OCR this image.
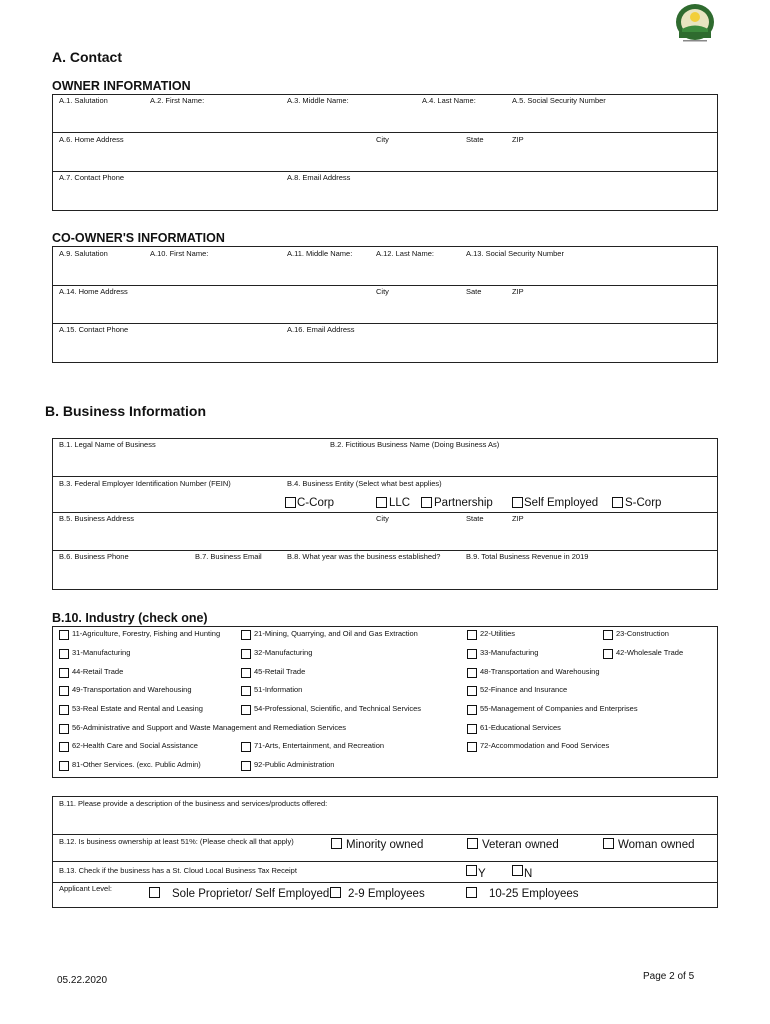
A. Contact
OWNER INFORMATION
A.1. Salutation	A.2. First Name:	A.3. Middle Name:	A.4. Last Name:	A.5. Social Security Number
A.6. Home Address	City	State	ZIP
A.7. Contact Phone	A.8. Email Address
CO-OWNER'S INFORMATION
A.9. Salutation	A.10. First Name:	A.11. Middle Name:	A.12. Last Name:	A.13. Social Security Number
A.14. Home Address	City	Sate	ZIP
A.15. Contact Phone	A.16. Email Address
B. Business Information
B.1. Legal Name of Business	B.2. Fictitious Business Name (Doing Business As)
B.3. Federal Employer Identification Number (FEIN)	B.4. Business Entity (Select what best applies)
C-Corp	LLC Partnership	Self Employed S-Corp
B.5. Business Address	City	State	ZIP
B.6. Business Phone	B.7. Business Email	B.8. What year was the business established?	B.9. Total Business Revenue in 2019
B.10. Industry (check one)
11-Agriculture, Forestry, Fishing and Hunting	21-Mining, Quarrying, and Oil and Gas Extraction	22-Utilities	23-Construction
31-Manufacturing	32-Manufacturing	33-Manufacturing	42-Wholesale Trade
44-Retail Trade	45-Retail Trade	48-Transportation and Warehousing
49-Transportation and Warehousing	51-Information	52-Finance and Insurance
53-Real Estate and Rental and Leasing	54-Professional, Scientific, and Technical Services	55-Management of Companies and Enterprises
56-Administrative and Support and Waste Management and Remediation Services	61-Educational Services
62-Health Care and Social Assistance	71-Arts, Entertainment, and Recreation	72-Accommodation and Food Services
81-Other Services. (exc. Public Admin)	92-Public Administration
B.11. Please provide a description of the business and services/products offered:
B.12. Is business ownership at least 51%: (Please check all that apply)	Minority owned	Veteran owned	Woman owned
B.13. Check if the business has a St. Cloud Local Business Tax Receipt	Y	N
Applicant Level:	Sole Proprietor/ Self Employed 2-9 Employees	10-25 Employees
05.22.2020	Page 2 of 5
